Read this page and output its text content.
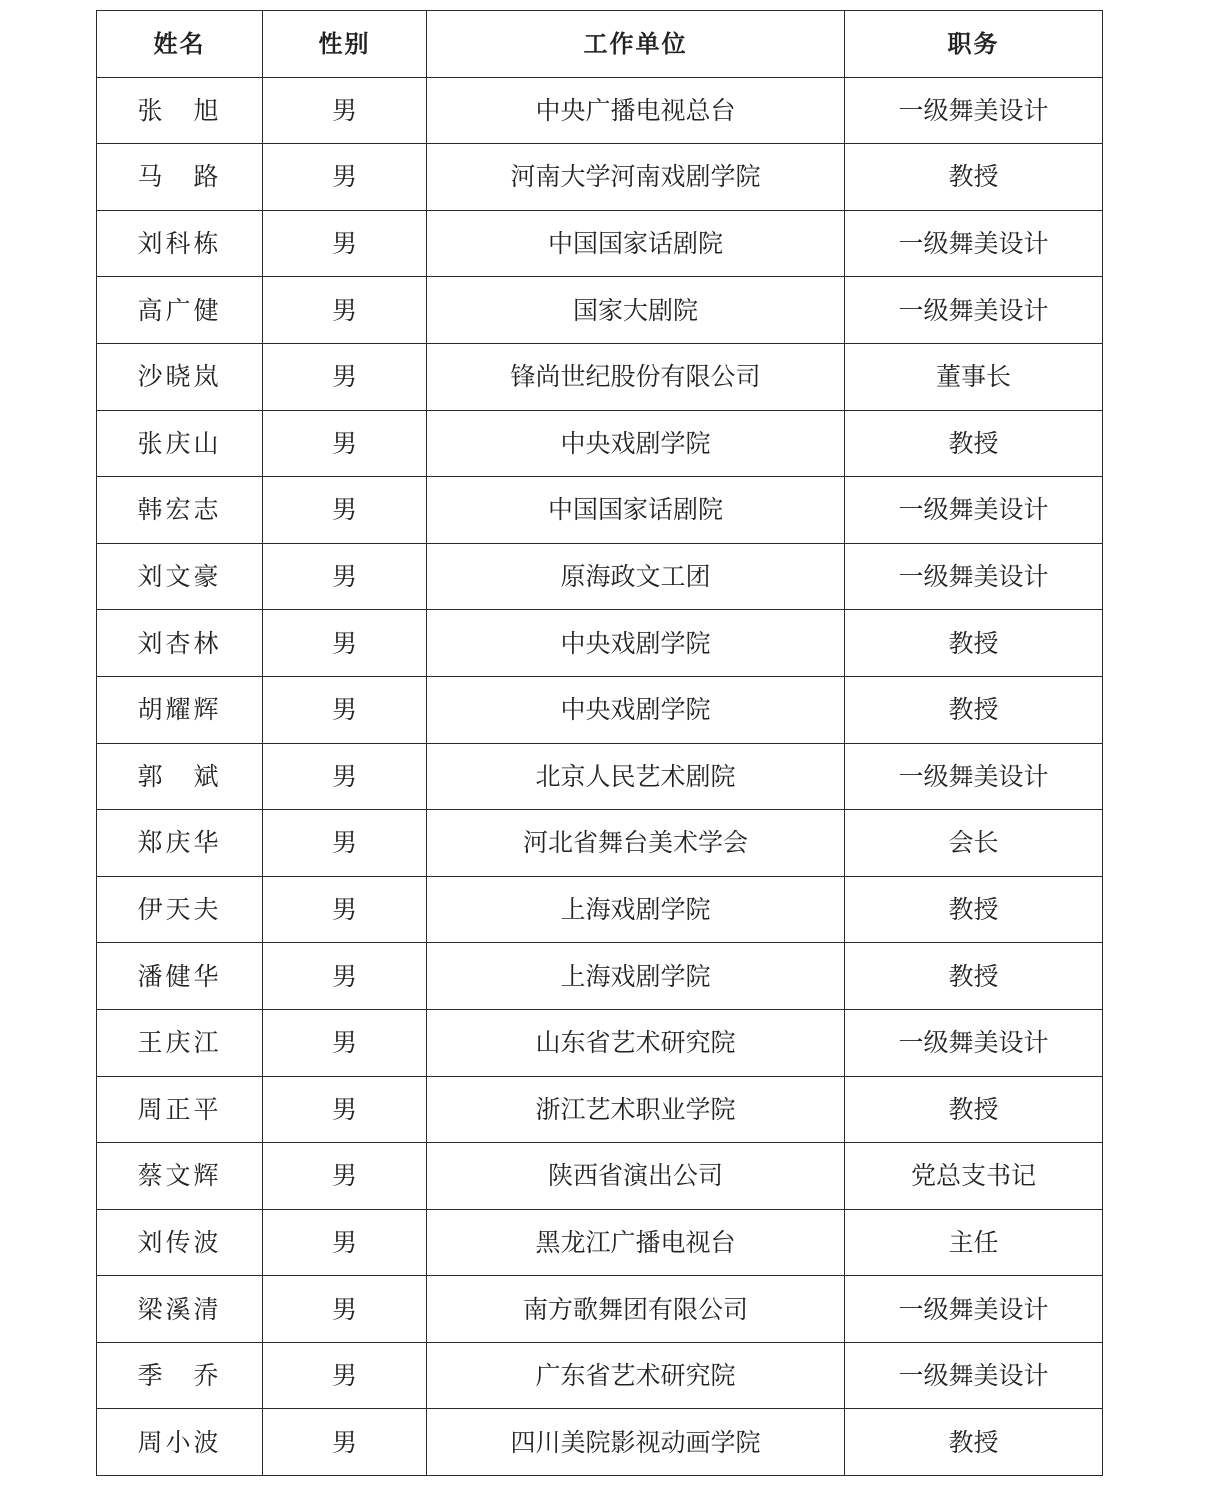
姓名	性别	工作单位	职务
张　旭	男	中央广播电视总台	一级舞美设计
马　路	男	河南大学河南戏剧学院	教授
刘科栋	男	中国国家话剧院	一级舞美设计
高广健	男	国家大剧院	一级舞美设计
沙晓岚	男	锋尚世纪股份有限公司	董事长
张庆山	男	中央戏剧学院	教授
韩宏志	男	中国国家话剧院	一级舞美设计
刘文豪	男	原海政文工团	一级舞美设计
刘杏林	男	中央戏剧学院	教授
胡耀辉	男	中央戏剧学院	教授
郭　斌	男	北京人民艺术剧院	一级舞美设计
郑庆华	男	河北省舞台美术学会	会长
伊天夫	男	上海戏剧学院	教授
潘健华	男	上海戏剧学院	教授
王庆江	男	山东省艺术研究院	一级舞美设计
周正平	男	浙江艺术职业学院	教授
蔡文辉	男	陕西省演出公司	党总支书记
刘传波	男	黑龙江广播电视台	主任
梁溪清	男	南方歌舞团有限公司	一级舞美设计
季　乔	男	广东省艺术研究院	一级舞美设计
周小波	男	四川美院影视动画学院	教授
